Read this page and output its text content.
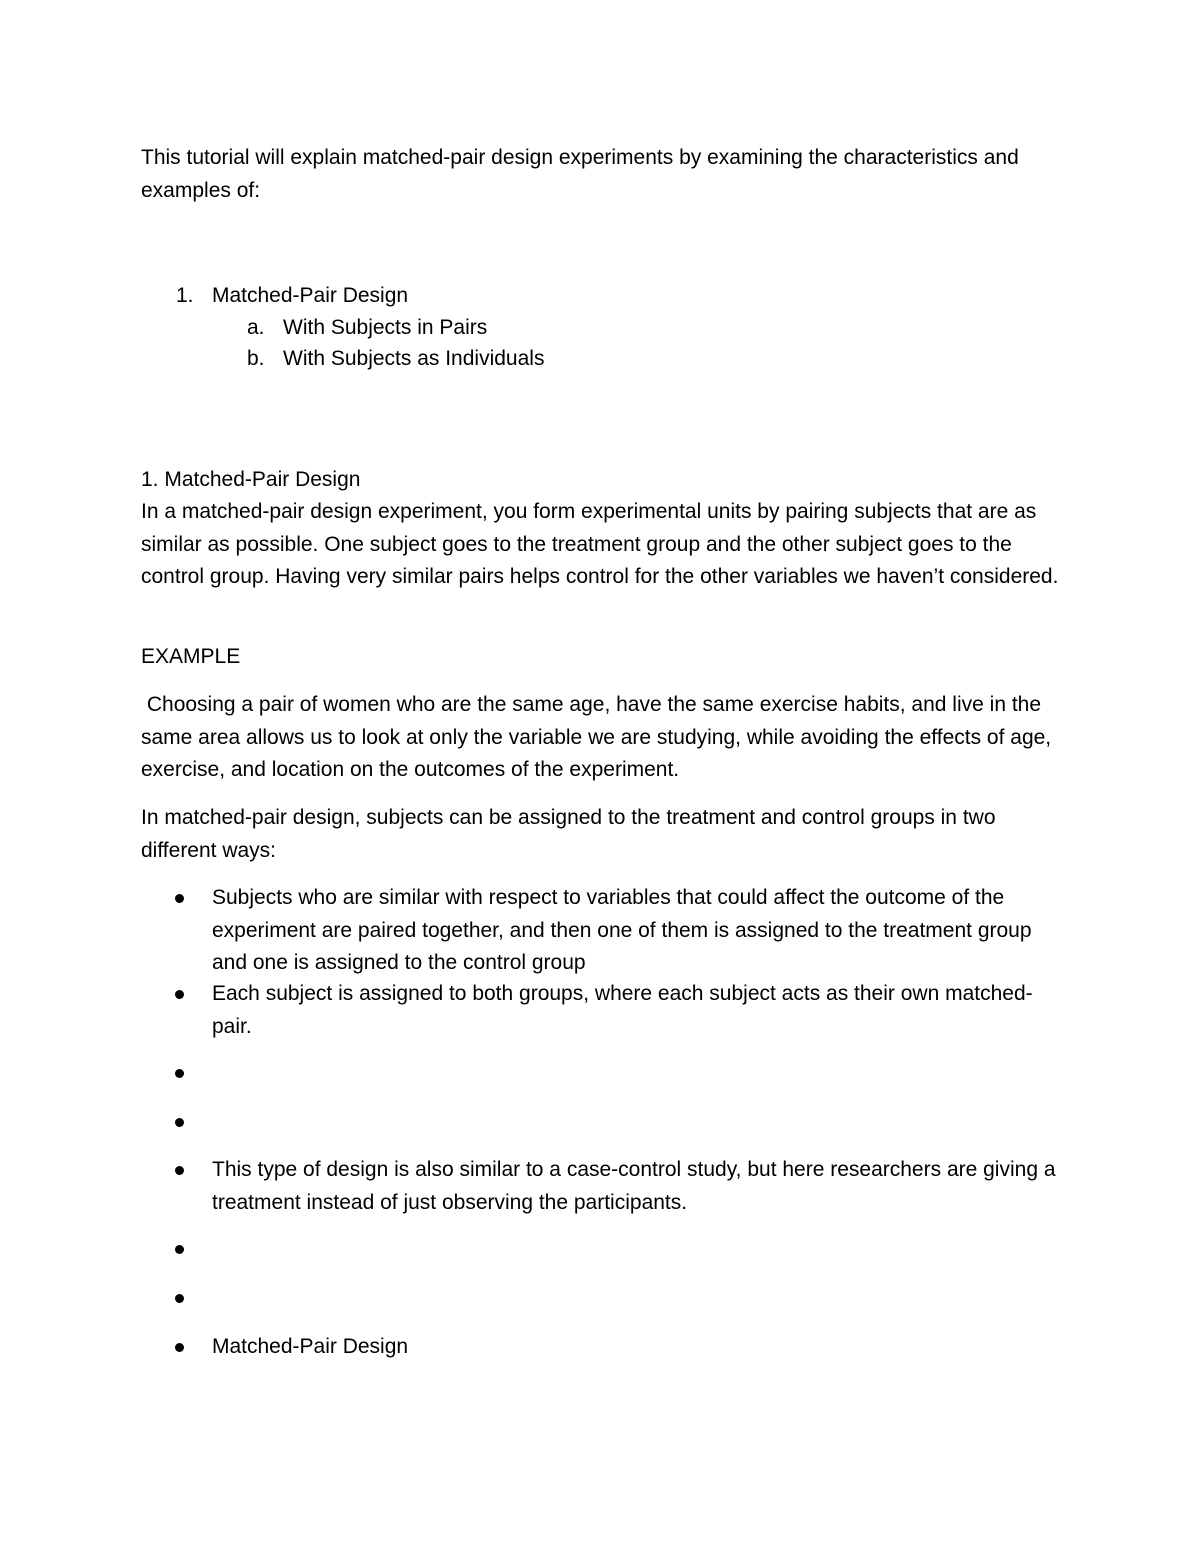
This tutorial will explain matched-pair design experiments by examining the characteristics and examples of:
1. Matched-Pair Design
a. With Subjects in Pairs
b. With Subjects as Individuals
1. Matched-Pair Design
In a matched-pair design experiment, you form experimental units by pairing subjects that are as similar as possible. One subject goes to the treatment group and the other subject goes to the control group. Having very similar pairs helps control for the other variables we haven’t considered.
EXAMPLE
Choosing a pair of women who are the same age, have the same exercise habits, and live in the same area allows us to look at only the variable we are studying, while avoiding the effects of age, exercise, and location on the outcomes of the experiment.
In matched-pair design, subjects can be assigned to the treatment and control groups in two different ways:
Subjects who are similar with respect to variables that could affect the outcome of the experiment are paired together, and then one of them is assigned to the treatment group and one is assigned to the control group
Each subject is assigned to both groups, where each subject acts as their own matched-pair.
This type of design is also similar to a case-control study, but here researchers are giving a treatment instead of just observing the participants.
Matched-Pair Design
